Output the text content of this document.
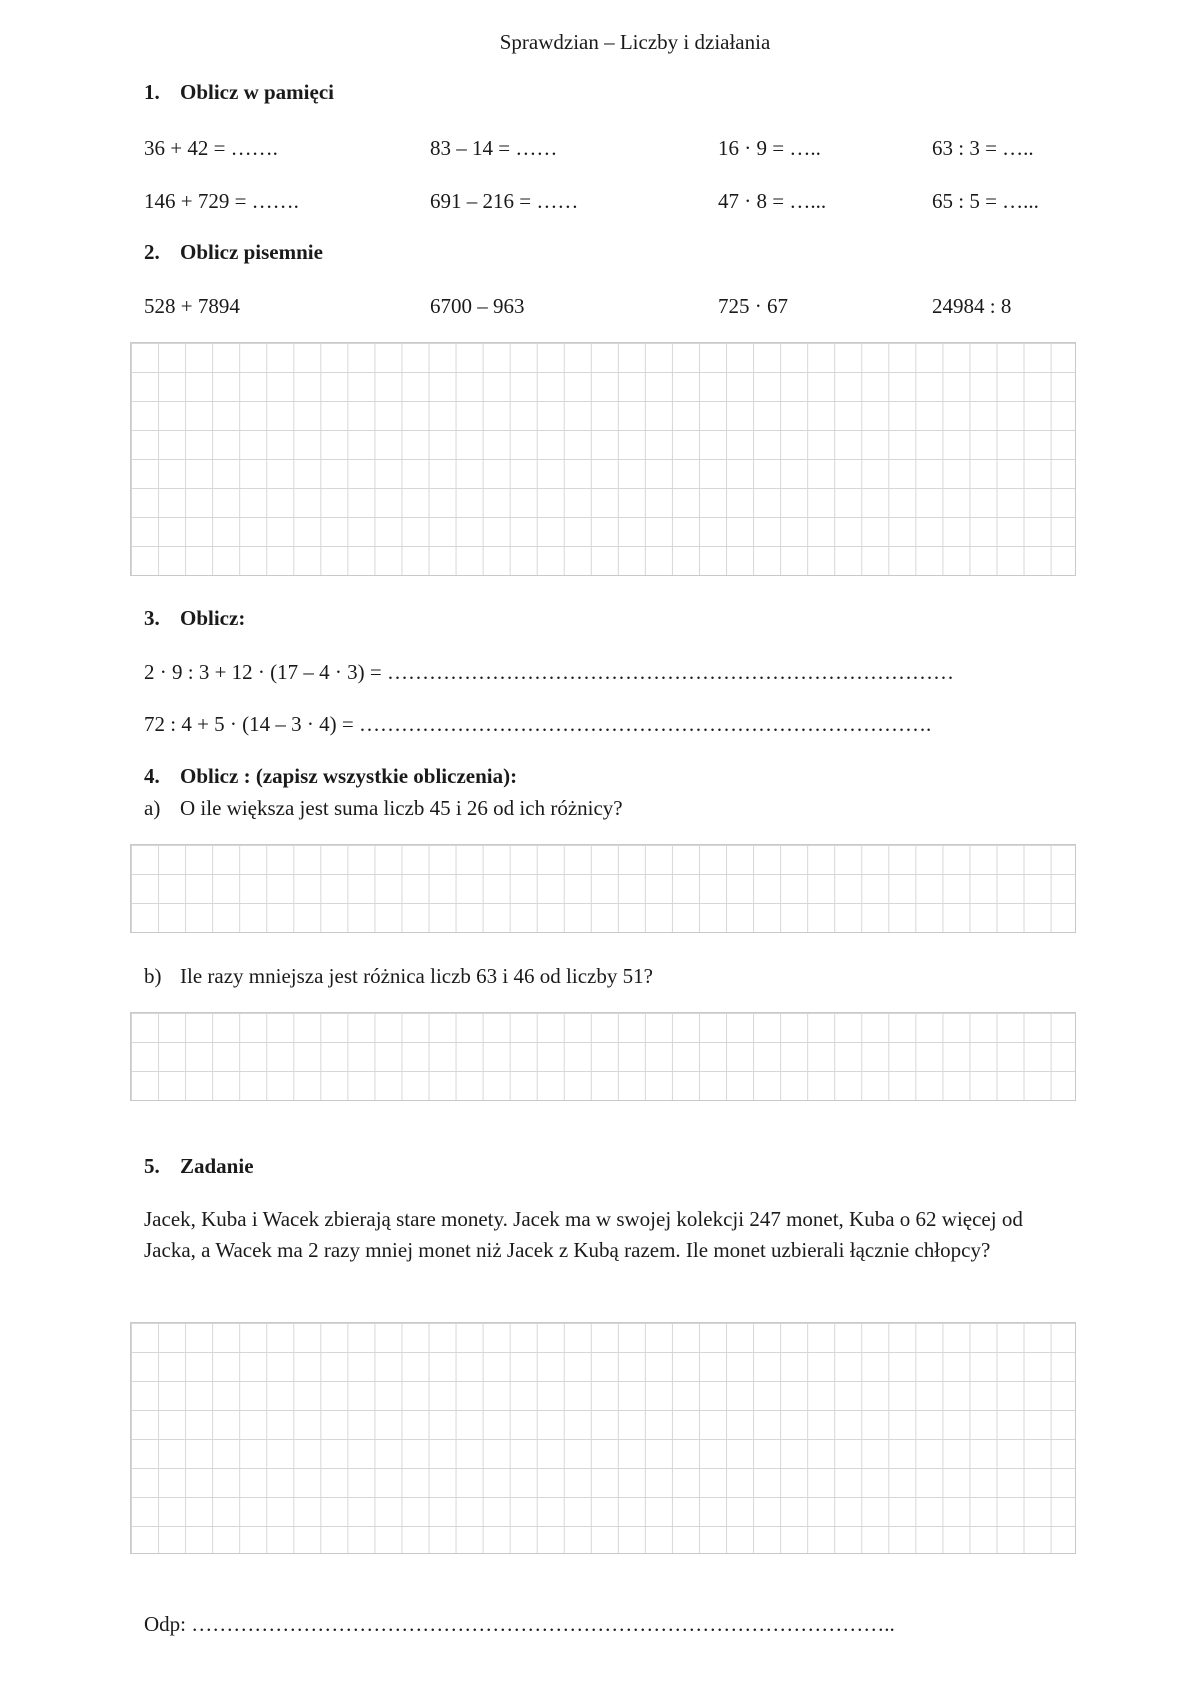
Sprawdzian – Liczby i działania
1. Oblicz w pamięci
36 + 42 = …….	83 – 14 = ……	16 · 9 = …..	63 : 3 = …..
146 + 729 = …….	691 – 216 = ……	47 · 8 = …...	65 : 5 = …...
2. Oblicz pisemnie
528 + 7894	6700 – 963	725 · 67	24984 : 8
3. Oblicz:
2 · 9 : 3 + 12 · (17 – 4 · 3) = ………………………………………………………………………
72 : 4 + 5 · (14 – 3 · 4) = ……………………………………………………………………….
4. Oblicz : (zapisz wszystkie obliczenia):
a) O ile większa jest suma liczb 45 i 26 od ich różnicy?
b) Ile razy mniejsza jest różnica liczb 63 i 46 od liczby 51?
5. Zadanie
Jacek, Kuba i Wacek zbierają stare monety. Jacek ma w swojej kolekcji 247 monet, Kuba o 62 więcej od Jacka, a Wacek ma 2 razy mniej monet niż Jacek z Kubą razem. Ile monet uzbierali łącznie chłopcy?
Odp: ………………………………………………………………………………………..
